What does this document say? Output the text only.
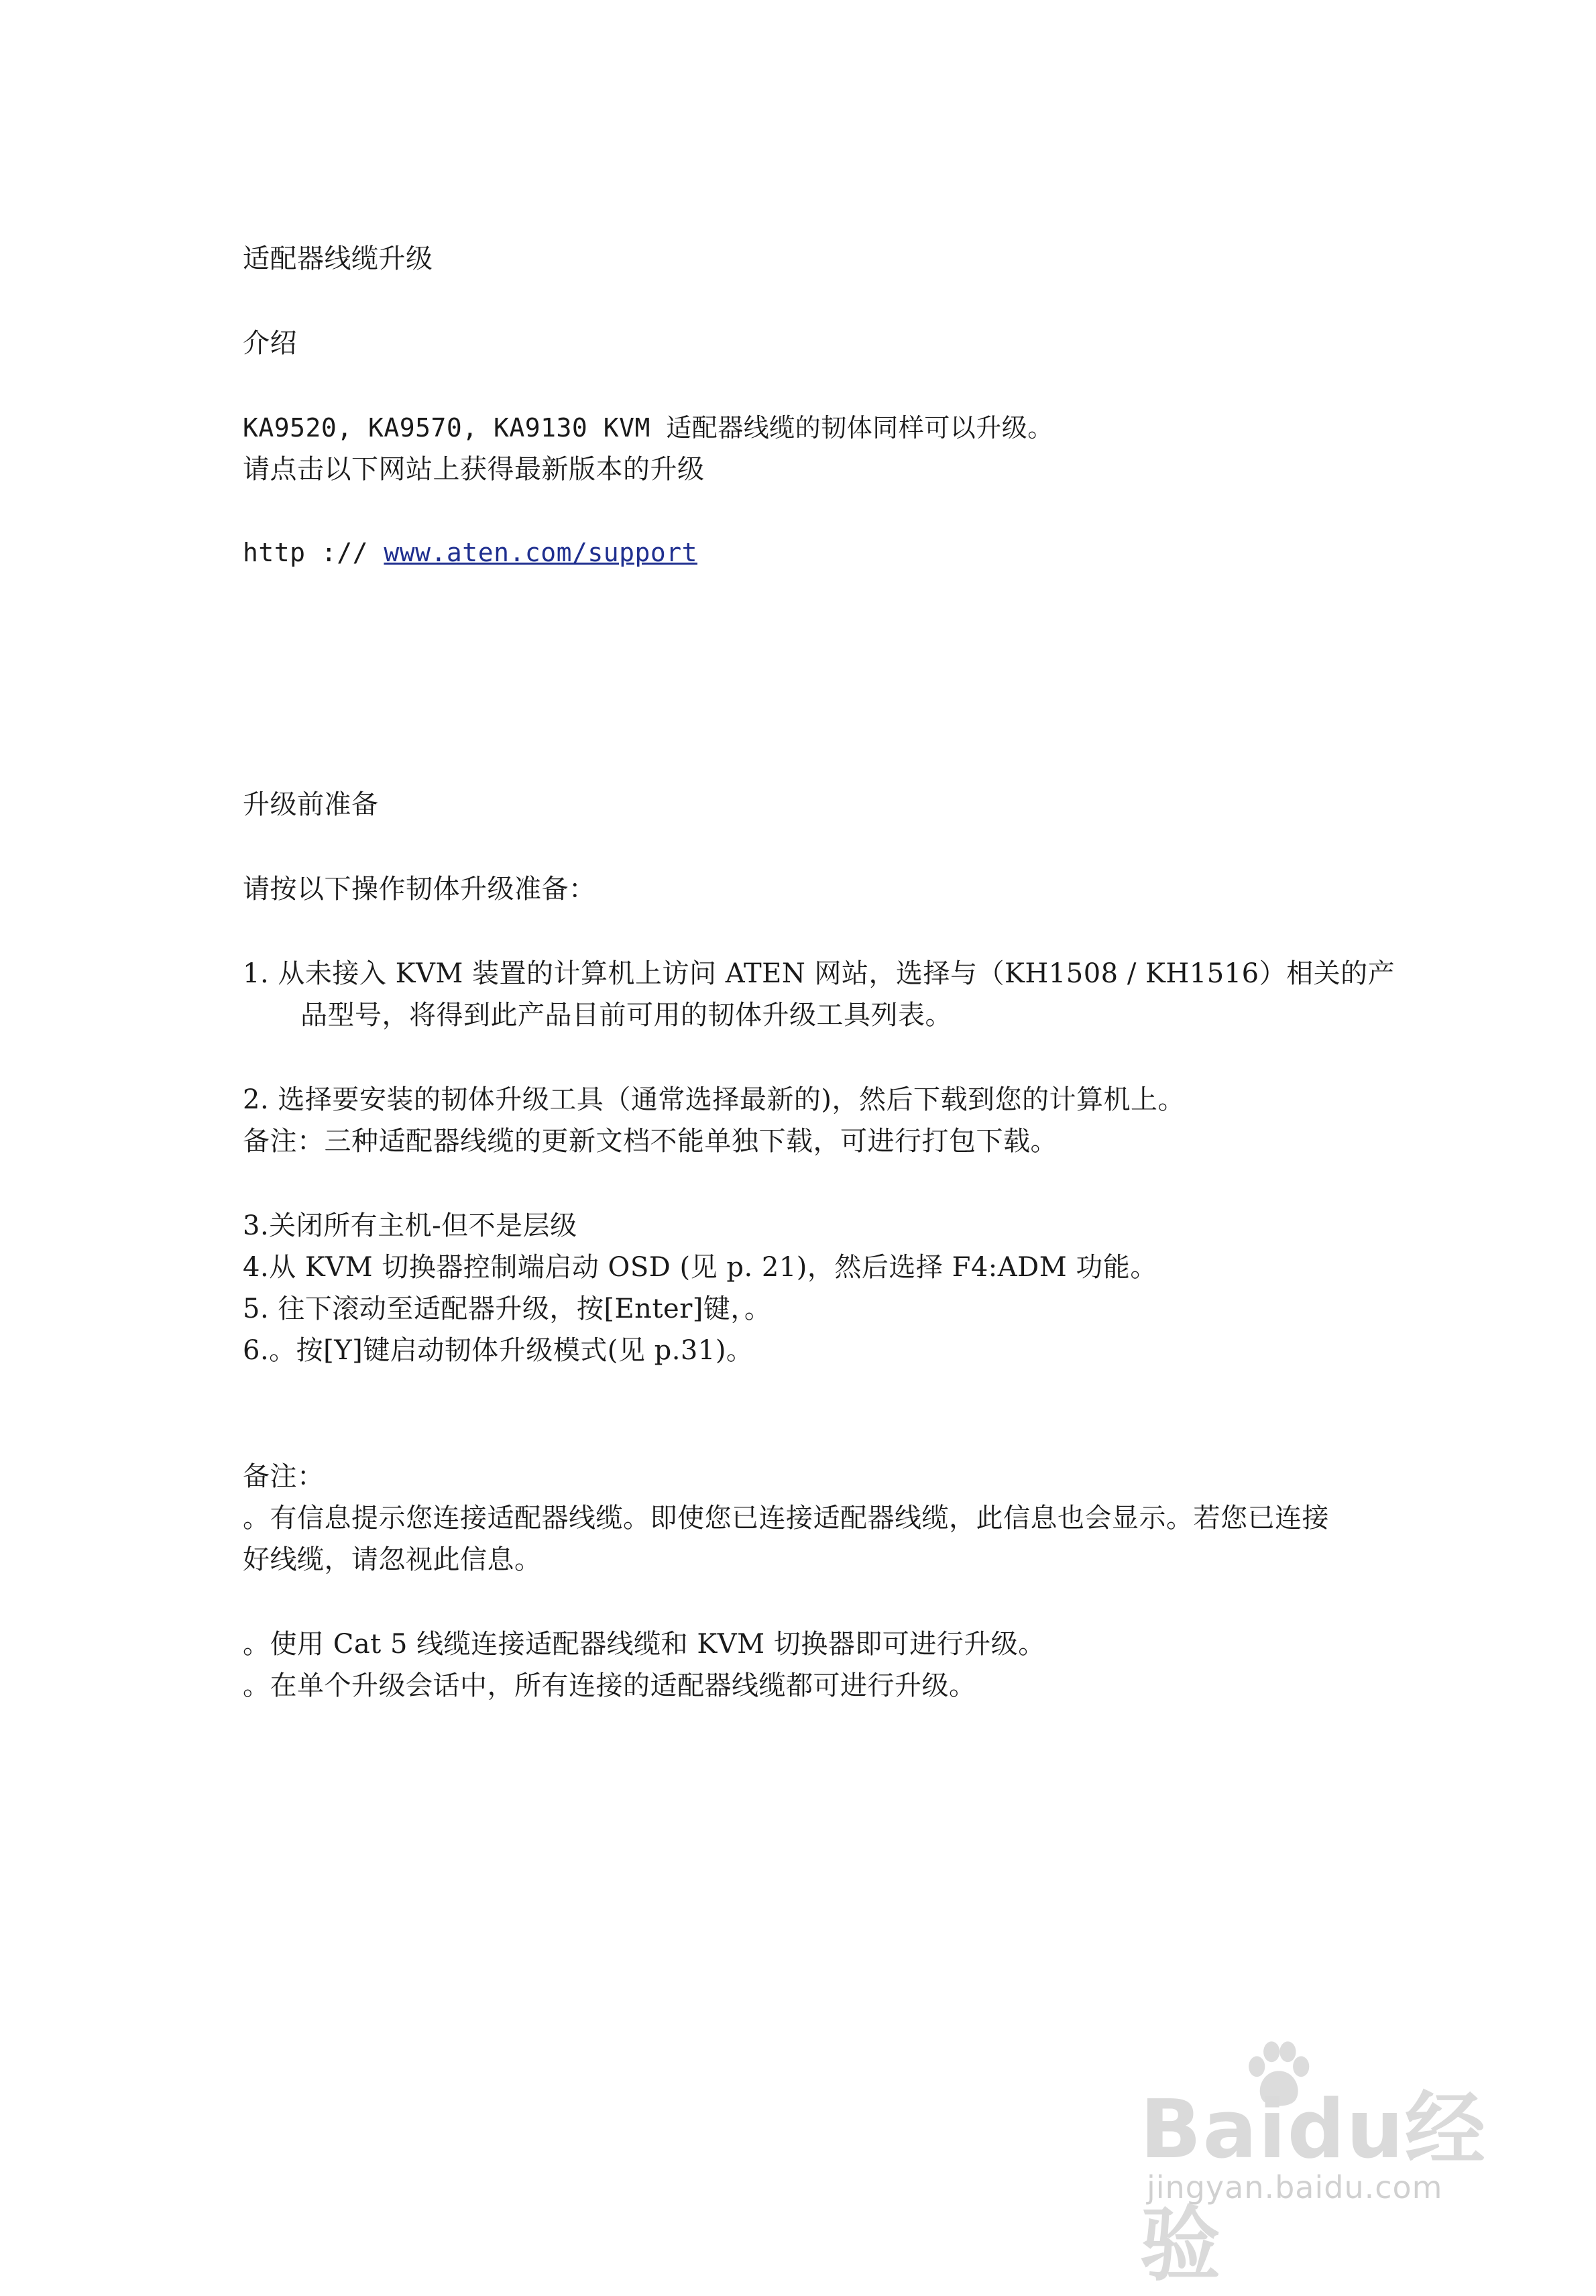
适配器线缆升级
介绍
KA9520, KA9570, KA9130 KVM 适配器线缆的韧体同样可以升级。
请点击以下网站上获得最新版本的升级
http :// www.aten.com/support
升级前准备
请按以下操作韧体升级准备：
1. 从未接入 KVM 装置的计算机上访问 ATEN 网站，选择与（KH1508 / KH1516）相关的产
品型号，将得到此产品目前可用的韧体升级工具列表。
2. 选择要安装的韧体升级工具（通常选择最新的)，然后下载到您的计算机上。
备注：三种适配器线缆的更新文档不能单独下载，可进行打包下载。
3.关闭所有主机-但不是层级
4.从 KVM 切换器控制端启动 OSD (见 p. 21)，然后选择 F4:ADM 功能。
5. 往下滚动至适配器升级，按[Enter]键，。
6.。按[Y]键启动韧体升级模式(见 p.31)。
备注：
。有信息提示您连接适配器线缆。即使您已连接适配器线缆，此信息也会显示。若您已连接
好线缆，请忽视此信息。
。使用 Cat 5 线缆连接适配器线缆和 KVM 切换器即可进行升级。
。在单个升级会话中，所有连接的适配器线缆都可进行升级。
Baidu经验
jingyan.baidu.com
